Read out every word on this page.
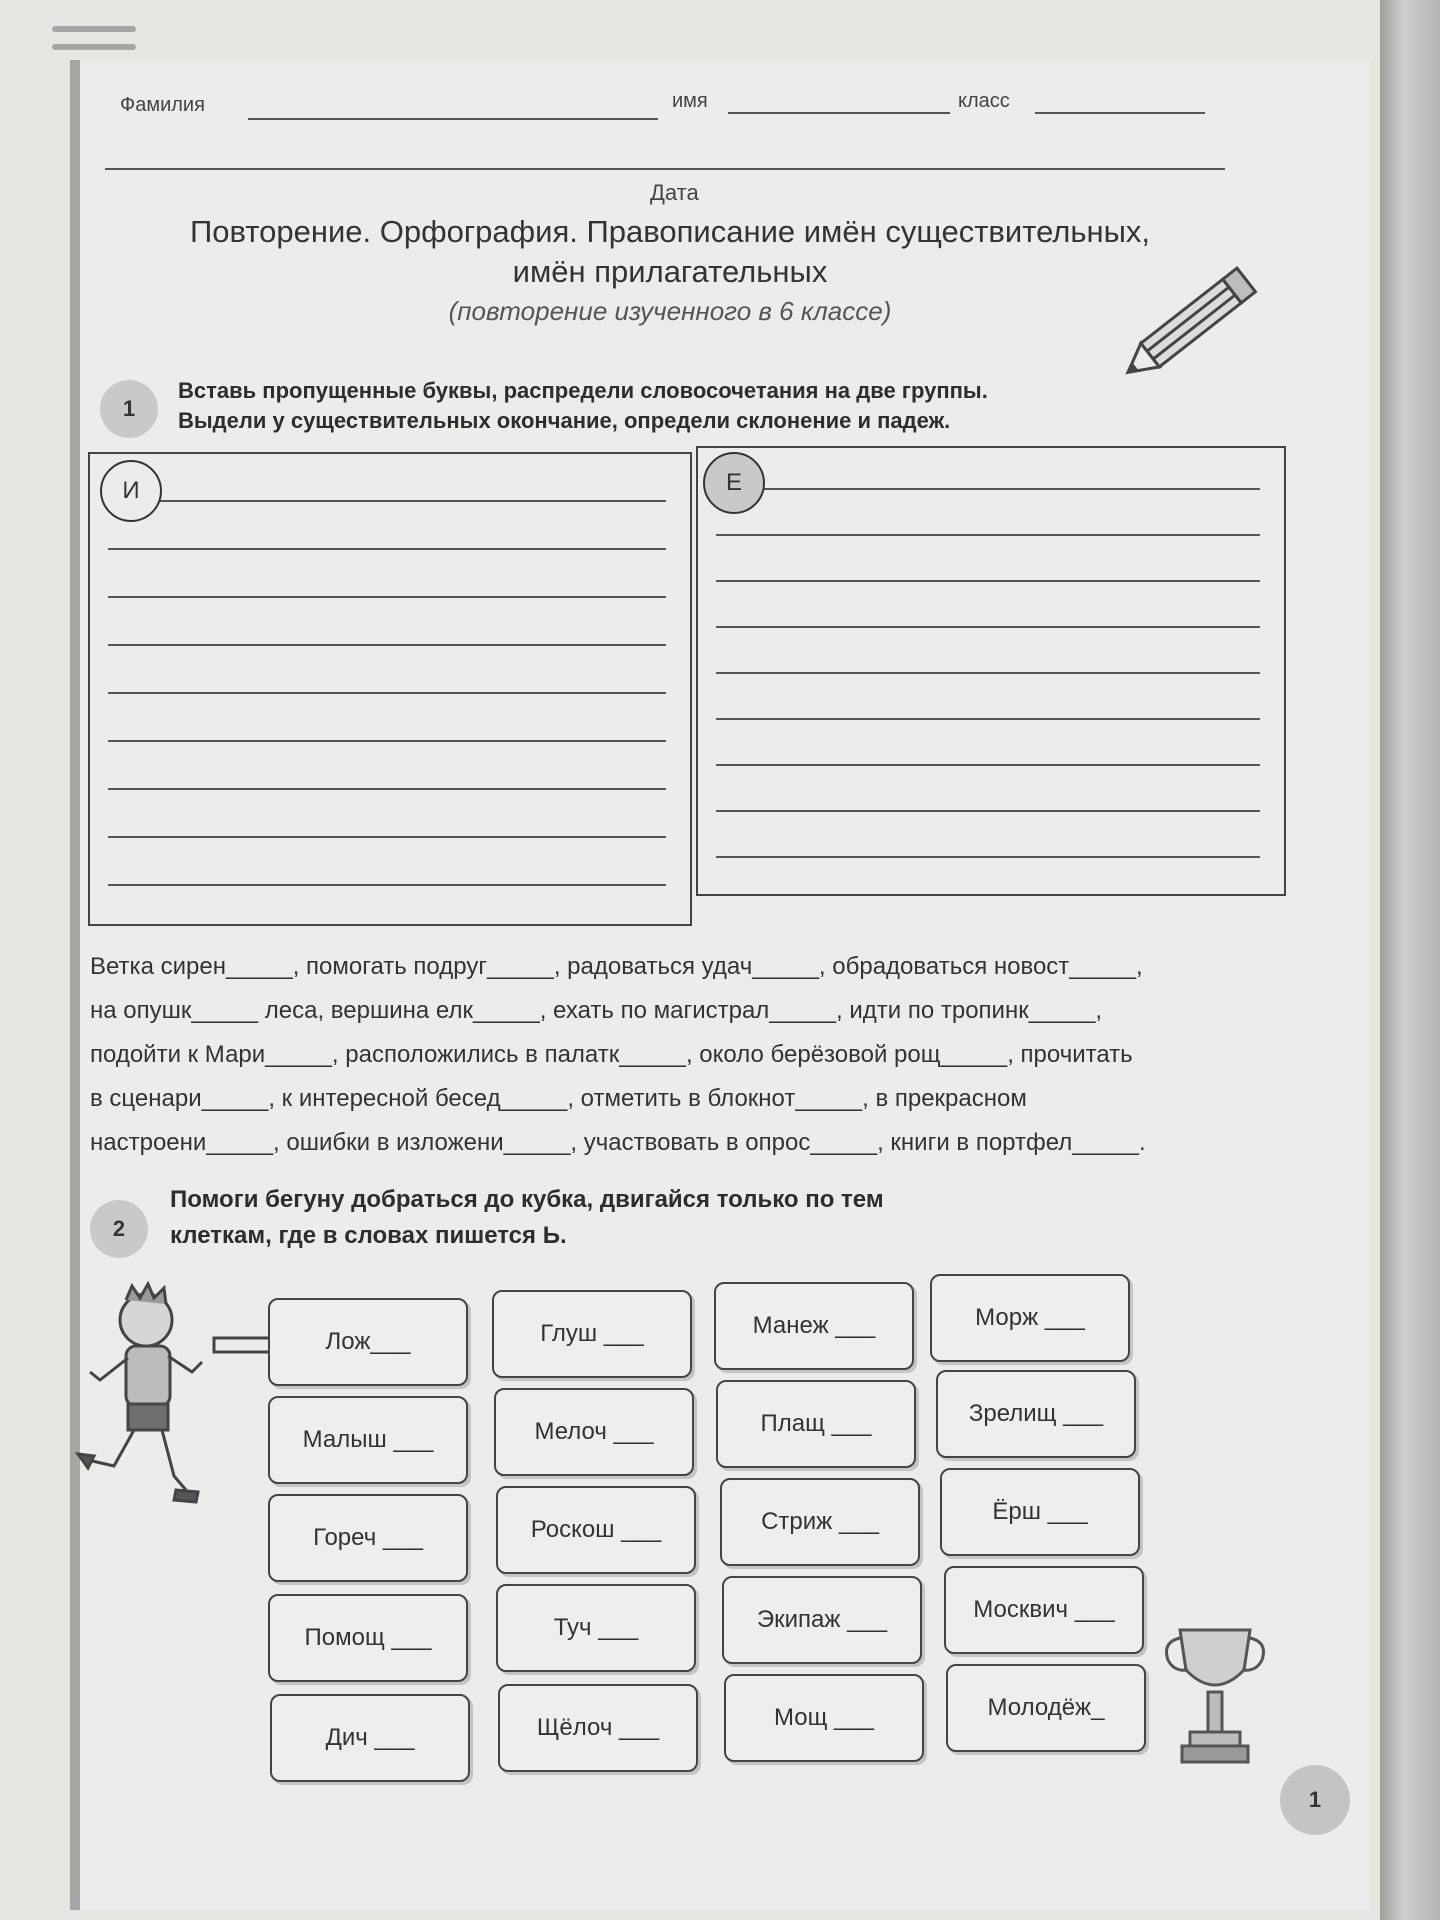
Фамилия	имя	класс
Дата
Повторение. Орфография. Правописание имён существительных,
имён прилагательных
(повторение изученного в 6 классе)
1
Вставь пропущенные буквы, распредели словосочетания на две группы.
Выдели у существительных окончание, определи склонение и падеж.
И	Е
Ветка сирен_____, помогать подруг_____, радоваться удач_____, обрадоваться новост_____,
на опушк_____ леса, вершина елк_____, ехать по магистрал_____, идти по тропинк_____,
подойти к Мари_____, расположились в палатк_____, около берёзовой рощ_____, прочитать
в сценари_____, к интересной бесед_____, отметить в блокнот_____, в прекрасном
настроени_____, ошибки в изложени_____, участвовать в опрос_____, книги в портфел_____.
2
Помоги бегуну добраться до кубка, двигайся только по тем
клеткам, где в словах пишется Ь.
Лож___	Глуш ___	Манеж ___	Морж ___
Малыш ___	Мелоч ___	Плащ ___	Зрелищ ___
Гореч ___	Роскош ___	Стриж ___	Ёрш ___
Помощ ___	Туч ___	Экипаж ___	Москвич ___
Дич ___	Щёлоч ___	Мощ ___	Молодёж_
1
